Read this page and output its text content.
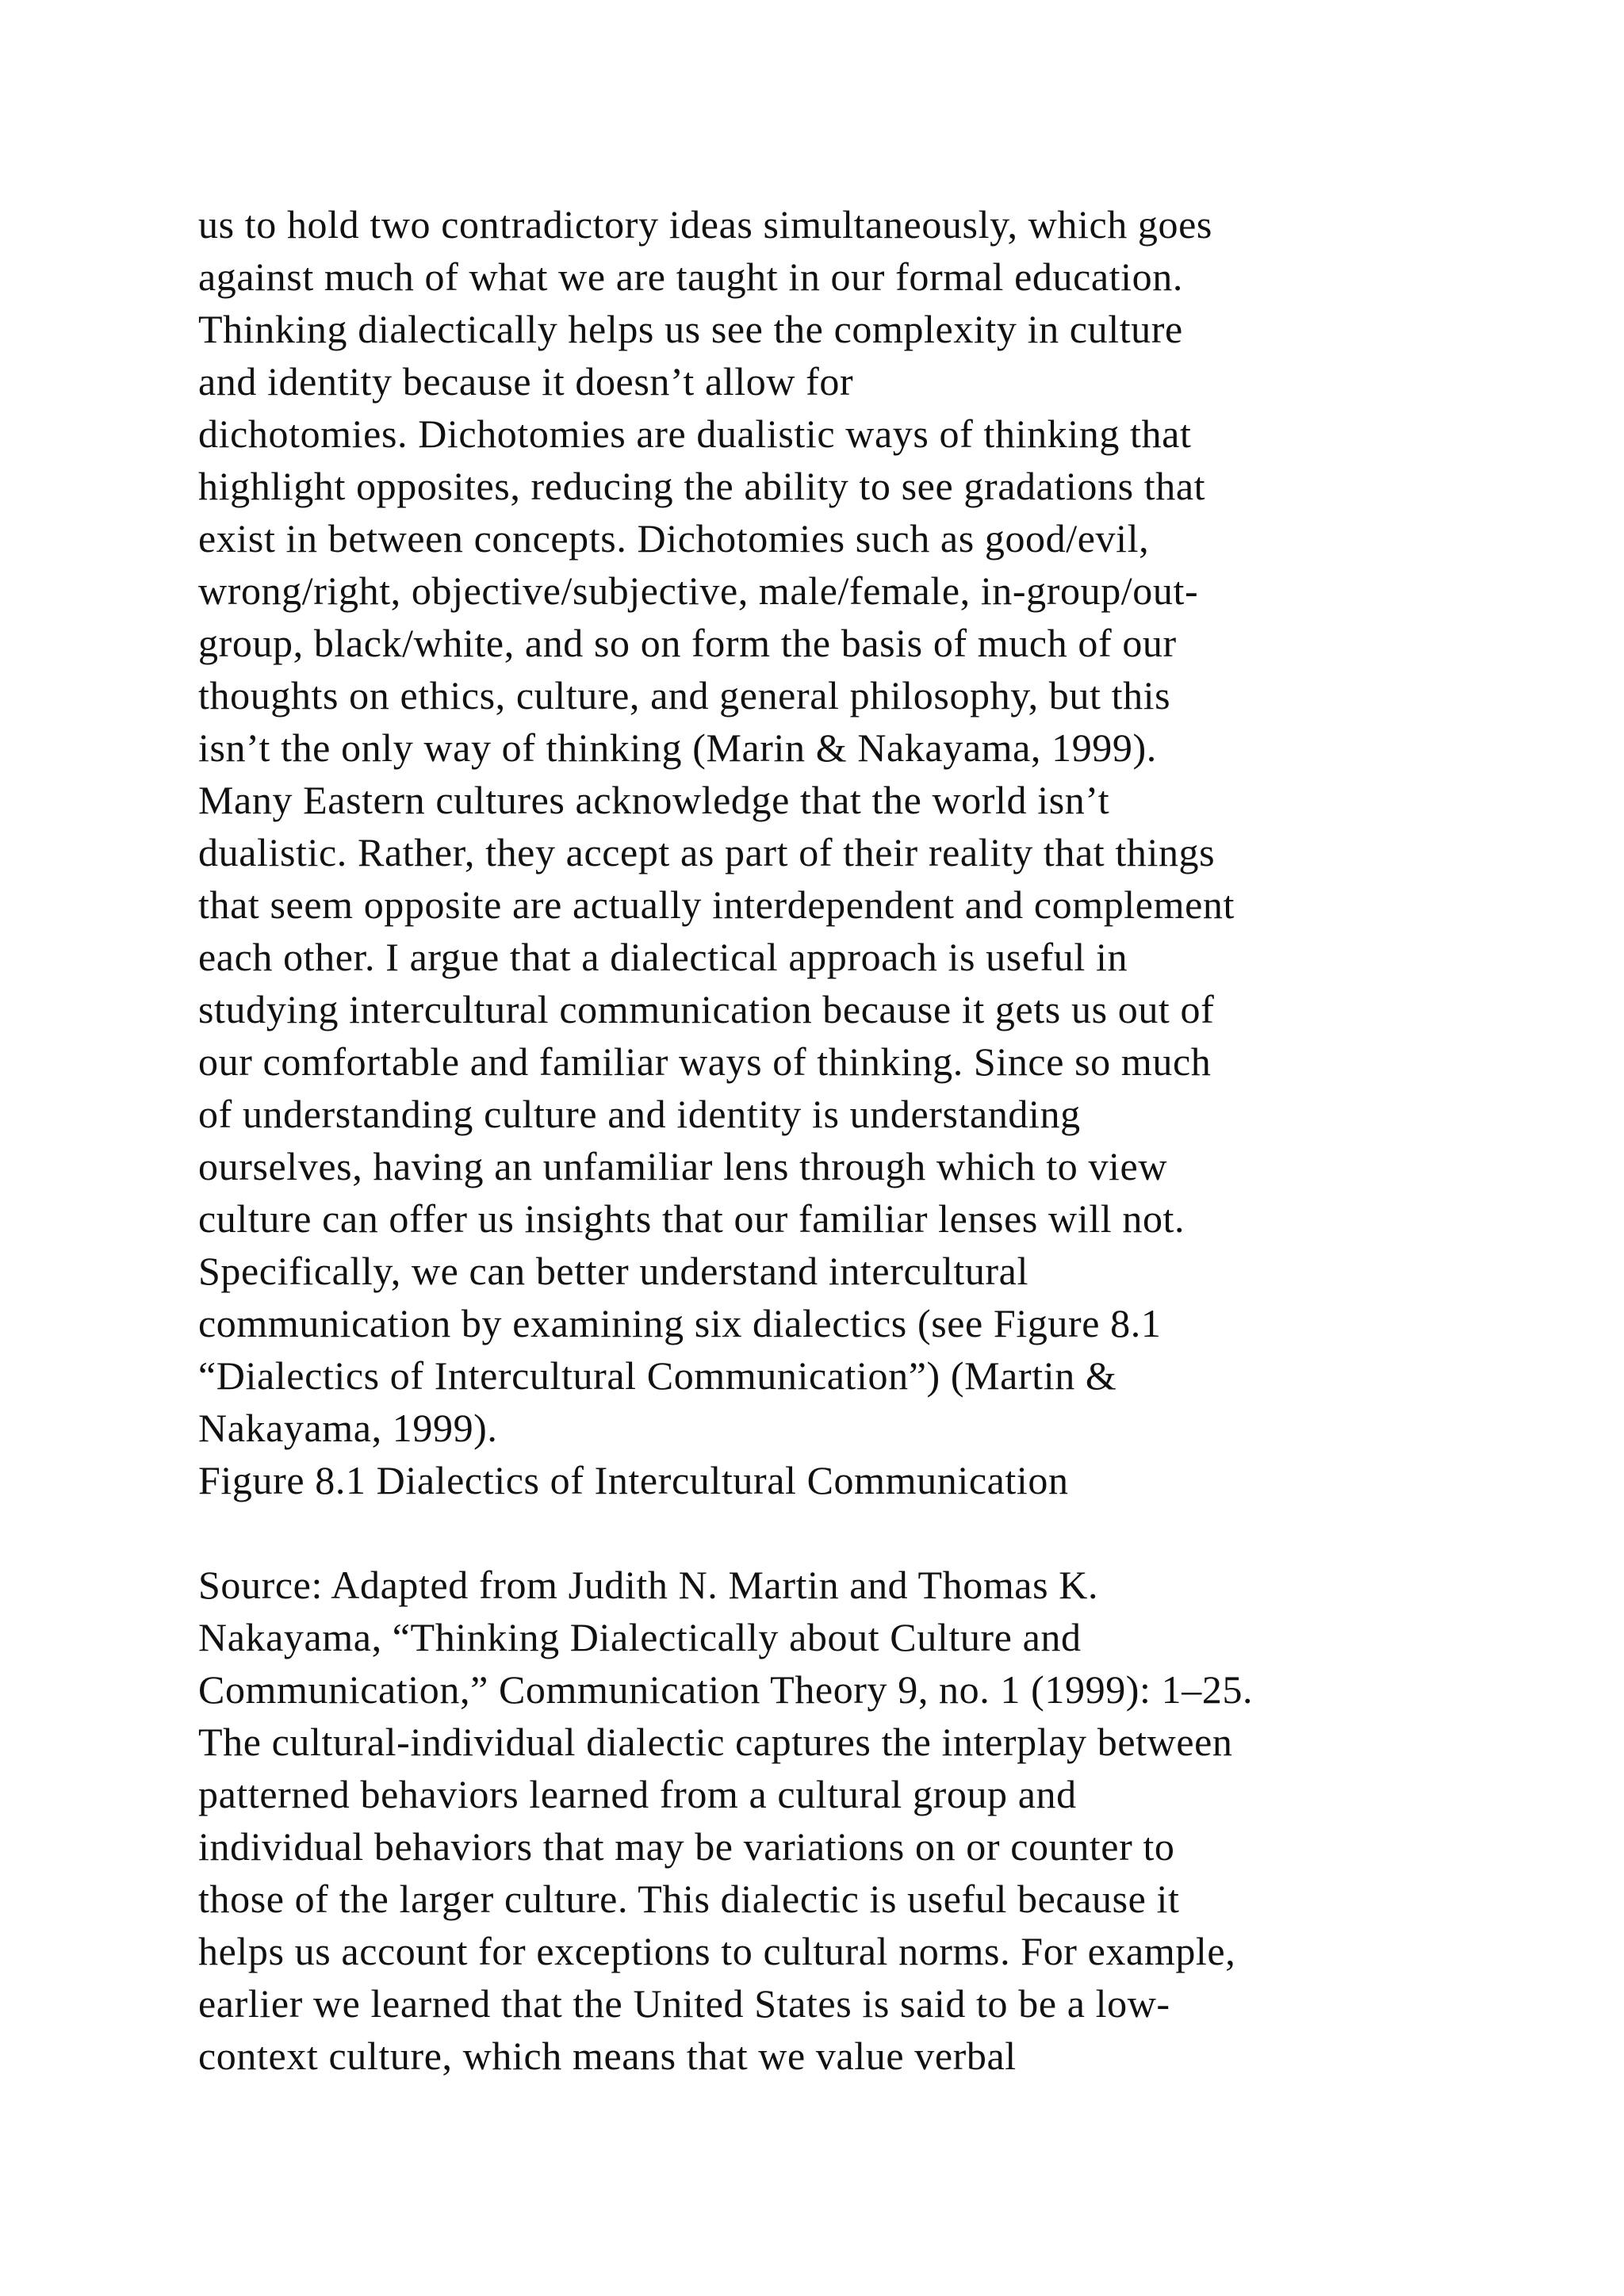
us to hold two contradictory ideas simultaneously, which goes
against much of what we are taught in our formal education.
Thinking dialectically helps us see the complexity in culture
and identity because it doesn’t allow for
dichotomies. Dichotomies are dualistic ways of thinking that
highlight opposites, reducing the ability to see gradations that
exist in between concepts. Dichotomies such as good/evil,
wrong/right, objective/subjective, male/female, in-group/out-
group, black/white, and so on form the basis of much of our
thoughts on ethics, culture, and general philosophy, but this
isn’t the only way of thinking (Marin & Nakayama, 1999).
Many Eastern cultures acknowledge that the world isn’t
dualistic. Rather, they accept as part of their reality that things
that seem opposite are actually interdependent and complement
each other. I argue that a dialectical approach is useful in
studying intercultural communication because it gets us out of
our comfortable and familiar ways of thinking. Since so much
of understanding culture and identity is understanding
ourselves, having an unfamiliar lens through which to view
culture can offer us insights that our familiar lenses will not.
Specifically, we can better understand intercultural
communication by examining six dialectics (see Figure 8.1
“Dialectics of Intercultural Communication”) (Martin &
Nakayama, 1999).
Figure 8.1 Dialectics of Intercultural Communication
Source: Adapted from Judith N. Martin and Thomas K.
Nakayama, “Thinking Dialectically about Culture and
Communication,” Communication Theory 9, no. 1 (1999): 1–25.
The cultural-individual dialectic captures the interplay between
patterned behaviors learned from a cultural group and
individual behaviors that may be variations on or counter to
those of the larger culture. This dialectic is useful because it
helps us account for exceptions to cultural norms. For example,
earlier we learned that the United States is said to be a low-
context culture, which means that we value verbal
